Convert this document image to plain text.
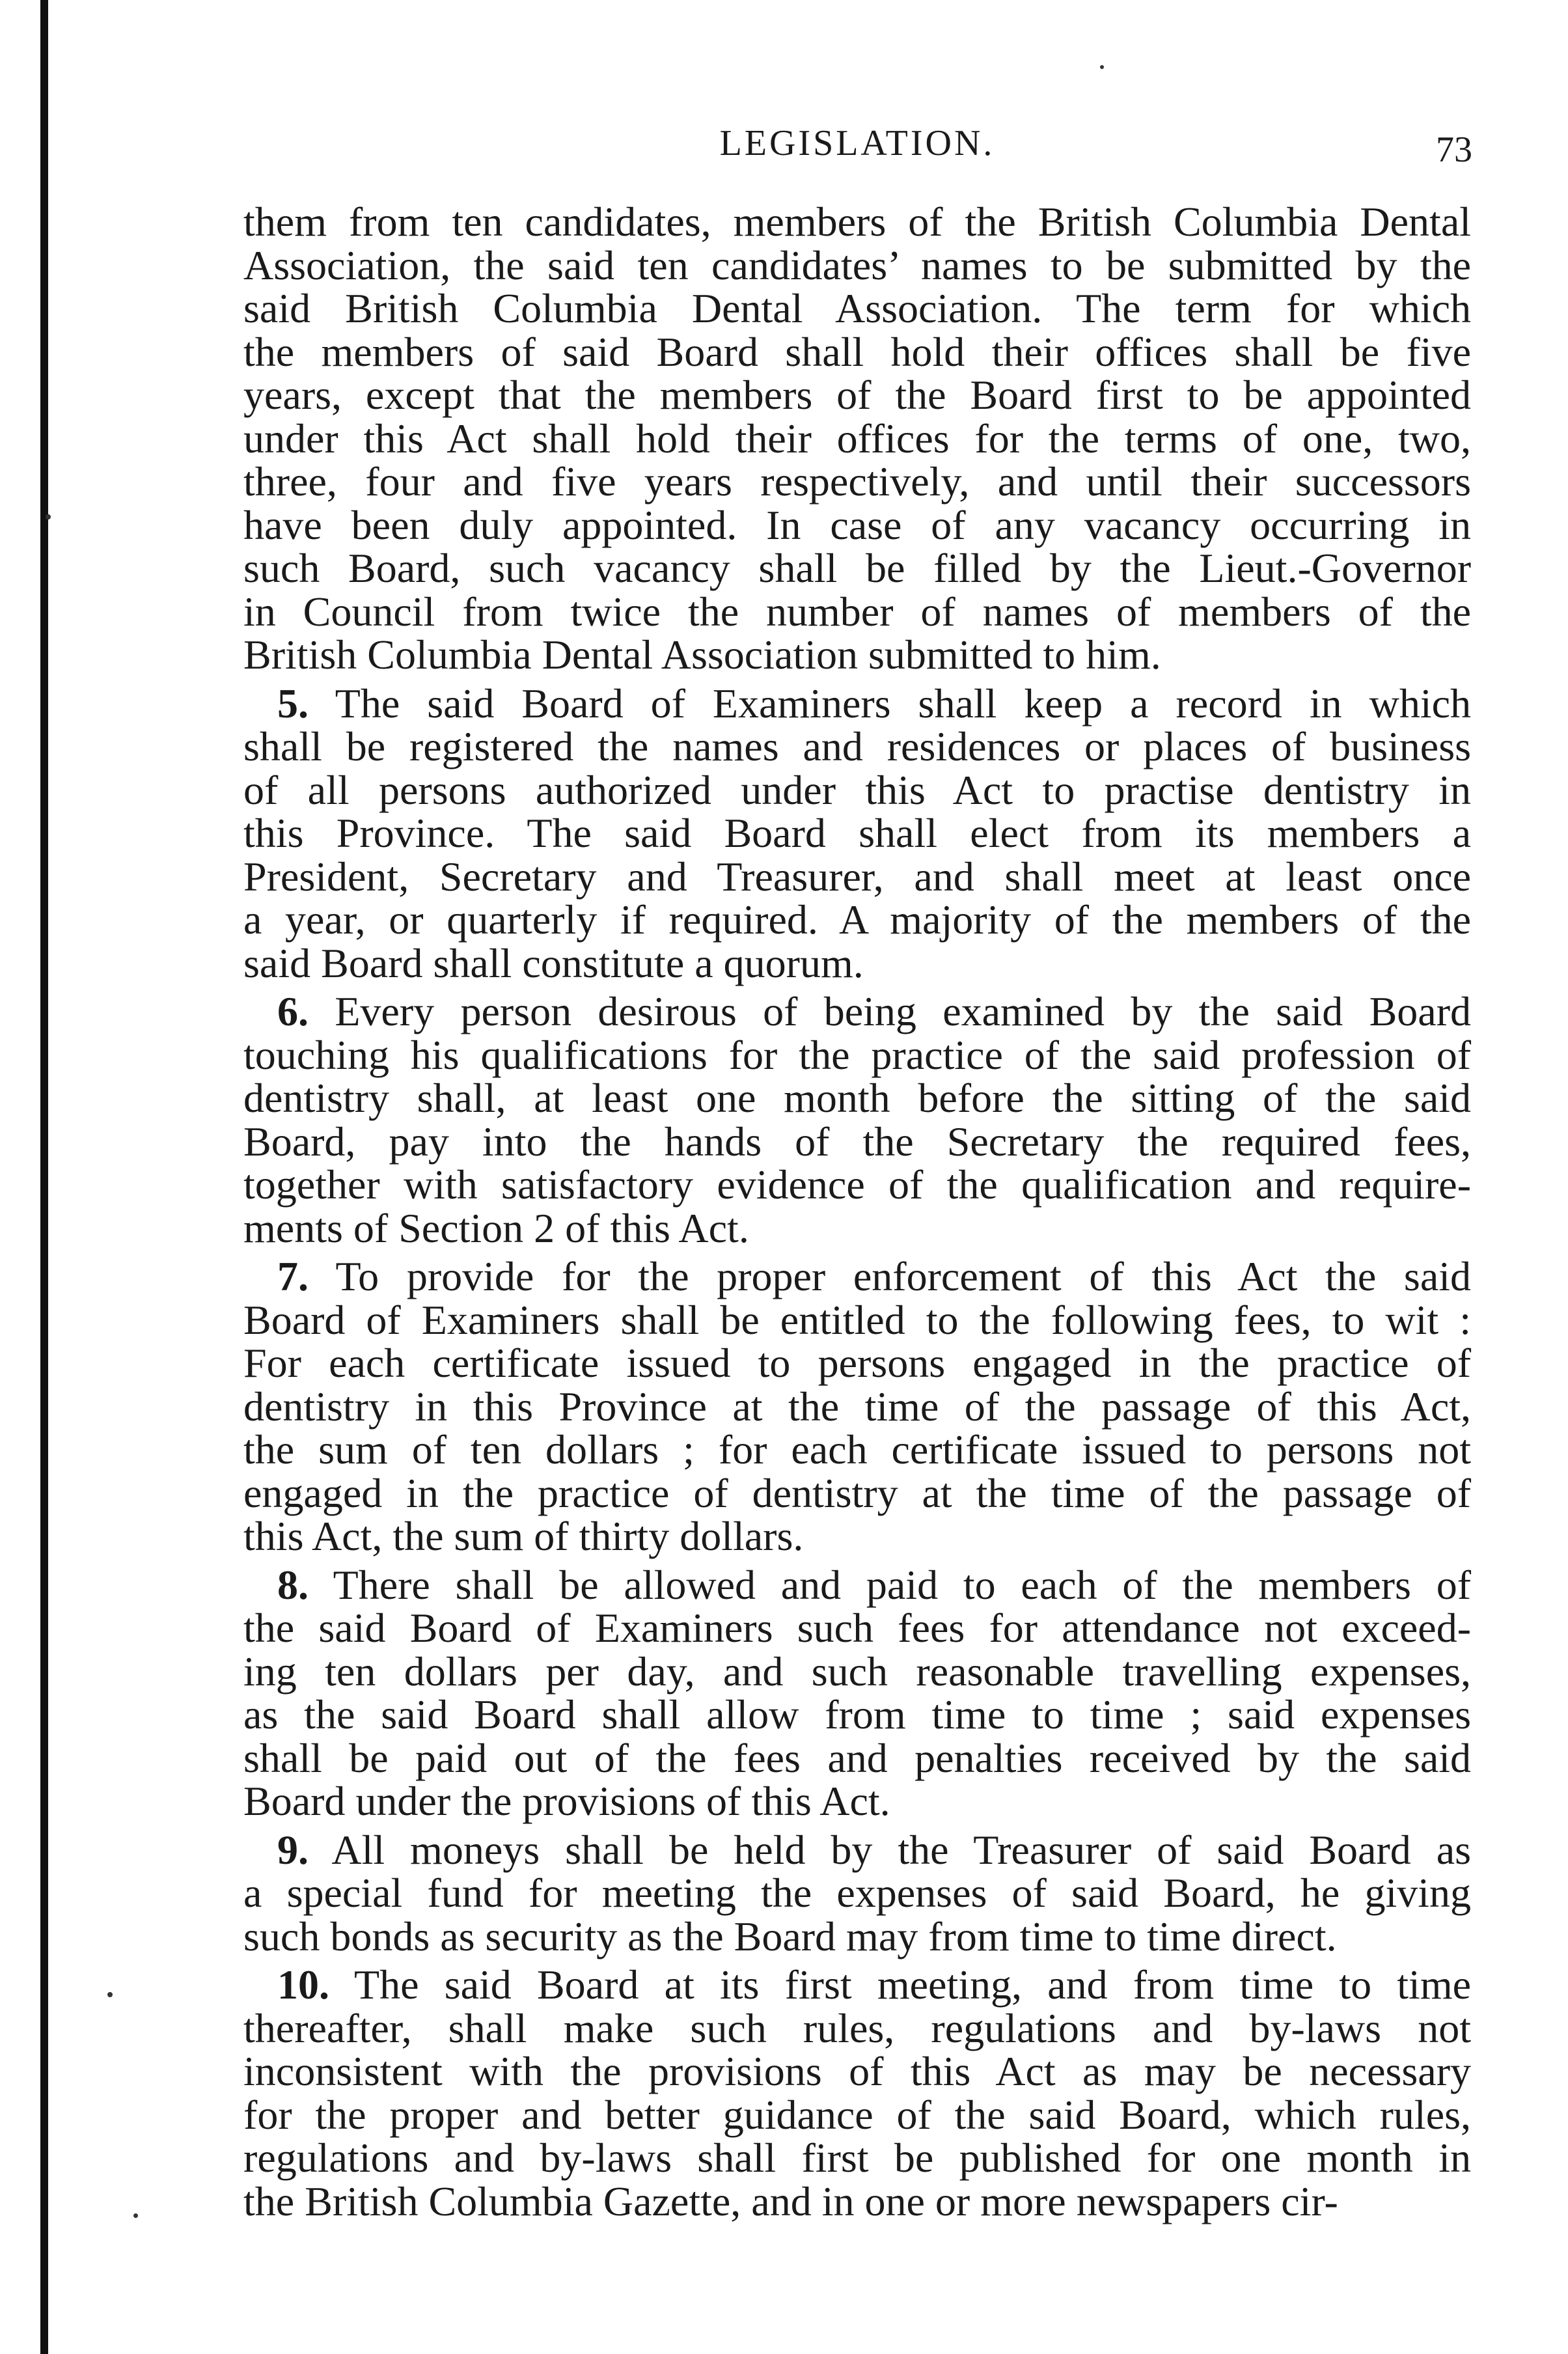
LEGISLATION.	73

them from ten candidates, members of the British Columbia Dental
Association, the said ten candidates’ names to be submitted by the
said British Columbia Dental Association. The term for which
the members of said Board shall hold their offices shall be five
years, except that the members of the Board first to be appointed
under this Act shall hold their offices for the terms of one, two,
three, four and five years respectively, and until their successors
have been duly appointed. In case of any vacancy occurring in
such Board, such vacancy shall be filled by the Lieut.-Governor
in Council from twice the number of names of members of the
British Columbia Dental Association submitted to him.

5. The said Board of Examiners shall keep a record in which
shall be registered the names and residences or places of business
of all persons authorized under this Act to practise dentistry in
this Province. The said Board shall elect from its members a
President, Secretary and Treasurer, and shall meet at least once
a year, or quarterly if required. A majority of the members of the
said Board shall constitute a quorum.

6. Every person desirous of being examined by the said Board
touching his qualifications for the practice of the said profession of
dentistry shall, at least one month before the sitting of the said
Board, pay into the hands of the Secretary the required fees,
together with satisfactory evidence of the qualification and require-
ments of Section 2 of this Act.

7. To provide for the proper enforcement of this Act the said
Board of Examiners shall be entitled to the following fees, to wit :
For each certificate issued to persons engaged in the practice of
dentistry in this Province at the time of the passage of this Act,
the sum of ten dollars ; for each certificate issued to persons not
engaged in the practice of dentistry at the time of the passage of
this Act, the sum of thirty dollars.

8. There shall be allowed and paid to each of the members of
the said Board of Examiners such fees for attendance not exceed-
ing ten dollars per day, and such reasonable travelling expenses,
as the said Board shall allow from time to time ; said expenses
shall be paid out of the fees and penalties received by the said
Board under the provisions of this Act.

9. All moneys shall be held by the Treasurer of said Board as
a special fund for meeting the expenses of said Board, he giving
such bonds as security as the Board may from time to time direct.

10. The said Board at its first meeting, and from time to time
thereafter, shall make such rules, regulations and by-laws not
inconsistent with the provisions of this Act as may be necessary
for the proper and better guidance of the said Board, which rules,
regulations and by-laws shall first be published for one month in
the British Columbia Gazette, and in one or more newspapers cir-
